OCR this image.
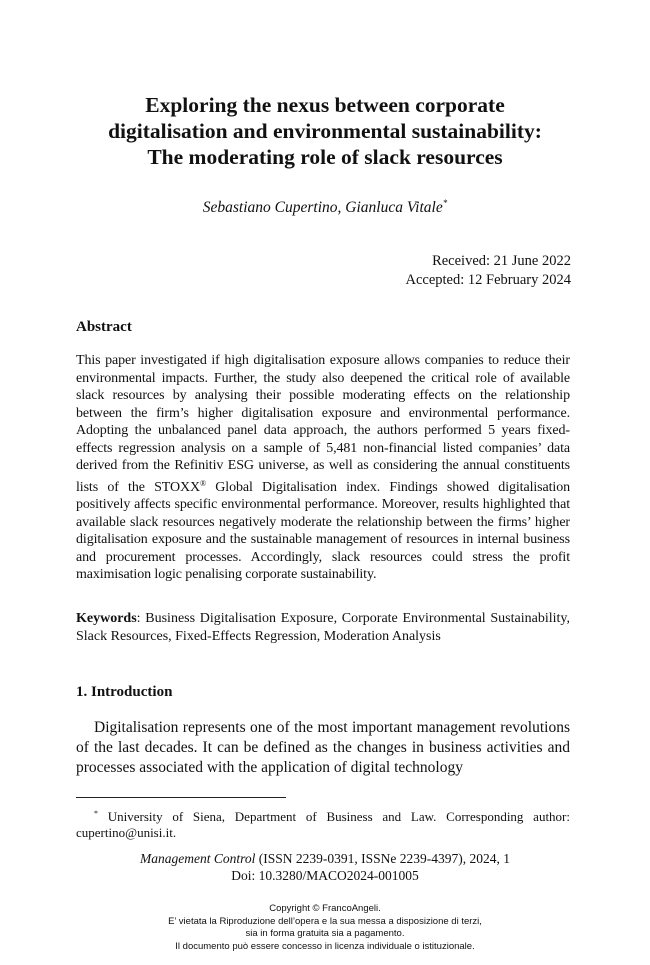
Exploring the nexus between corporate
digitalisation and environmental sustainability:
The moderating role of slack resources
Sebastiano Cupertino, Gianluca Vitale*
Received: 21 June 2022
Accepted: 12 February 2024
Abstract
This paper investigated if high digitalisation exposure allows companies to reduce their environmental impacts. Further, the study also deepened the critical role of available slack resources by analysing their possible moderating effects on the relationship between the firm’s higher digitalisation exposure and environmental performance. Adopting the unbalanced panel data approach, the authors performed 5 years fixed-effects regression analysis on a sample of 5,481 non-financial listed companies’ data derived from the Refinitiv ESG universe, as well as considering the annual constituents lists of the STOXX® Global Digitalisation index. Findings showed digitalisation positively affects specific environmental performance. Moreover, results highlighted that available slack resources negatively moderate the relationship between the firms’ higher digitalisation exposure and the sustainable management of resources in internal business and procurement processes. Accordingly, slack resources could stress the profit maximisation logic penalising corporate sustainability.
Keywords: Business Digitalisation Exposure, Corporate Environmental Sustainability, Slack Resources, Fixed-Effects Regression, Moderation Analysis
1. Introduction
Digitalisation represents one of the most important management revolutions of the last decades. It can be defined as the changes in business activities and processes associated with the application of digital technology
* University of Siena, Department of Business and Law. Corresponding author: cupertino@unisi.it.
Management Control (ISSN 2239-0391, ISSNe 2239-4397), 2024, 1
Doi: 10.3280/MACO2024-001005
Copyright © FrancoAngeli.
E’ vietata la Riproduzione dell’opera e la sua messa a disposizione di terzi,
sia in forma gratuita sia a pagamento.
Il documento può essere concesso in licenza individuale o istituzionale.
